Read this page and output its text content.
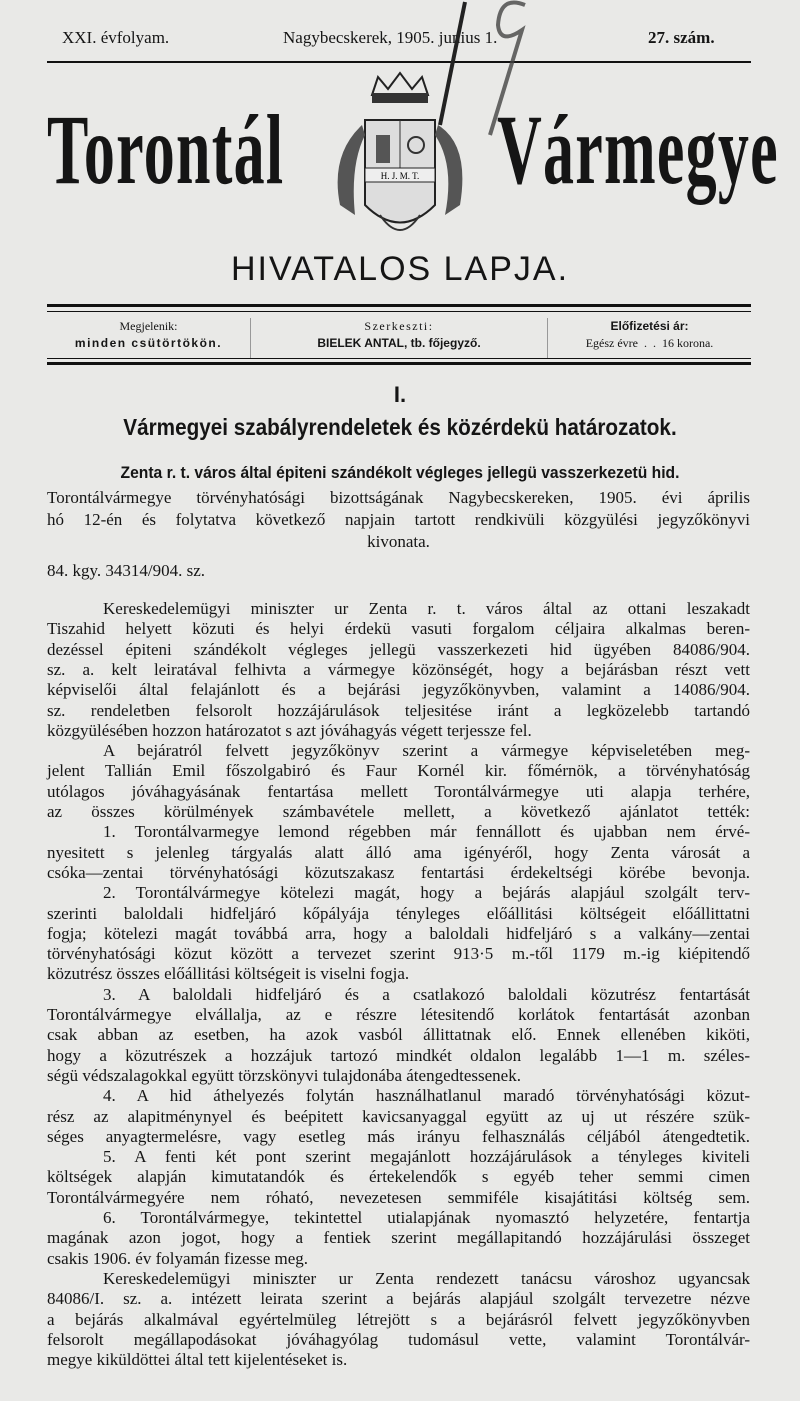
XXI. évfolyam.	Nagybecskerek, 1905. junius 1.	27. szám.
Torontál Vármegye
H. J. M. T.
HIVATALOS LAPJA.
Megjelenik:
minden csütörtökön.
Szerkeszti:
BIELEK ANTAL, tb. főjegyző.
Előfizetési ár:
Egész évre  .  .  16 korona.
I.
Vármegyei szabályrendeletek és közérdekü határozatok.
Zenta r. t. város által épiteni szándékolt végleges jellegü vasszerkezetü hid.
Torontálvármegye törvényhatósági bizottságának Nagybecskereken, 1905. évi április
hó 12-én és folytatva következő napjain tartott rendkivüli közgyülési jegyzőkönyvi
kivonata.
84. kgy. 34314/904. sz.
Kereskedelemügyi miniszter ur Zenta r. t. város által az ottani leszakadt
Tiszahid helyett közuti és helyi érdekü vasuti forgalom céljaira alkalmas beren-
dezéssel épiteni szándékolt végleges jellegü vasszerkezeti hid ügyében 84086/904.
sz. a. kelt leiratával felhivta a vármegye közönségét, hogy a bejárásban részt vett
képviselői által felajánlott és a bejárási jegyzőkönyvben, valamint a 14086/904.
sz. rendeletben felsorolt hozzájárulások teljesitése iránt a legközelebb tartandó
közgyülésében hozzon határozatot s azt jóváhagyás végett terjessze fel.
A bejáratról felvett jegyzőkönyv szerint a vármegye képviseletében meg-
jelent Tallián Emil főszolgabiró és Faur Kornél kir. főmérnök, a törvényhatóság
utólagos jóváhagyásának fentartása mellett Torontálvármegye uti alapja terhére,
az összes körülmények számbavétele mellett, a következő ajánlatot tették:
1. Torontálvarmegye lemond régebben már fennállott és ujabban nem érvé-
nyesitett s jelenleg tárgyalás alatt álló ama igényéről, hogy Zenta városát a
csóka—zentai törvényhatósági közutszakasz fentartási érdekeltségi körébe bevonja.
2. Torontálvármegye kötelezi magát, hogy a bejárás alapjául szolgált terv-
szerinti baloldali hidfeljáró kőpályája tényleges előállitási költségeit előállittatni
fogja; kötelezi magát továbbá arra, hogy a baloldali hidfeljáró s a valkány—zentai
törvényhatósági közut között a tervezet szerint 913·5 m.-től 1179 m.-ig kiépitendő
közutrész összes előállitási költségeit is viselni fogja.
3. A baloldali hidfeljáró és a csatlakozó baloldali közutrész fentartását
Torontálvármegye elvállalja, az e részre létesitendő korlátok fentartását azonban
csak abban az esetben, ha azok vasból állittatnak elő. Ennek ellenében kiköti,
hogy a közutrészek a hozzájuk tartozó mindkét oldalon legalább 1—1 m. széles-
ségü védszalagokkal együtt törzskönyvi tulajdonába átengedtessenek.
4. A hid áthelyezés folytán használhatlanul maradó törvényhatósági közut-
rész az alapitménynyel és beépitett kavicsanyaggal együtt az uj ut részére szük-
séges anyagtermelésre, vagy esetleg más irányu felhasználás céljából átengedtetik.
5. A fenti két pont szerint megajánlott hozzájárulások a tényleges kiviteli
költségek alapján kimutatandók és értekelendők s egyéb teher semmi cimen
Torontálvármegyére nem róható, nevezetesen semmiféle kisajátitási költség sem.
6. Torontálvármegye, tekintettel utialapjának nyomasztó helyzetére, fentartja
magának azon jogot, hogy a fentiek szerint megállapitandó hozzájárulási összeget
csakis 1906. év folyamán fizesse meg.
Kereskedelemügyi miniszter ur Zenta rendezett tanácsu városhoz ugyancsak
84086/I. sz. a. intézett leirata szerint a bejárás alapjául szolgált tervezetre nézve
a bejárás alkalmával egyértelmüleg létrejött s a bejárásról felvett jegyzőkönyvben
felsorolt megállapodásokat jóváhagyólag tudomásul vette, valamint Torontálvár-
megye kiküldöttei által tett kijelentéseket is.
